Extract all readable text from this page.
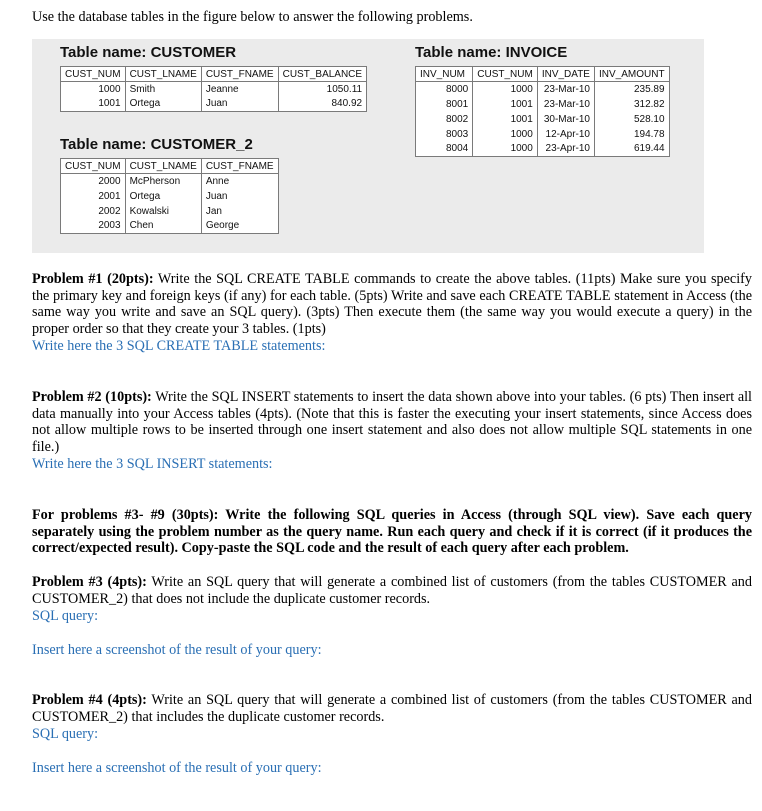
Use the database tables in the figure below to answer the following problems.
Table name: CUSTOMER
CUST_NUM	CUST_LNAME	CUST_FNAME	CUST_BALANCE
1000	Smith	Jeanne	1050.11
1001	Ortega	Juan	840.92
Table name: CUSTOMER_2
CUST_NUM	CUST_LNAME	CUST_FNAME
2000	McPherson	Anne
2001	Ortega	Juan
2002	Kowalski	Jan
2003	Chen	George
Table name: INVOICE
INV_NUM	CUST_NUM	INV_DATE	INV_AMOUNT
8000	1000	23-Mar-10	235.89
8001	1001	23-Mar-10	312.82
8002	1001	30-Mar-10	528.10
8003	1000	12-Apr-10	194.78
8004	1000	23-Apr-10	619.44
Problem #1 (20pts): Write the SQL CREATE TABLE commands to create the above tables. (11pts) Make sure you specify the primary key and foreign keys (if any) for each table. (5pts) Write and save each CREATE TABLE statement in Access (the same way you write and save an SQL query). (3pts) Then execute them (the same way you would execute a query) in the proper order so that they create your 3 tables. (1pts)
Write here the 3 SQL CREATE TABLE statements:
Problem #2 (10pts): Write the SQL INSERT statements to insert the data shown above into your tables. (6 pts) Then insert all data manually into your Access tables (4pts). (Note that this is faster the executing your insert statements, since Access does not allow multiple rows to be inserted through one insert statement and also does not allow multiple SQL statements in one file.)
Write here the 3 SQL INSERT statements:
For problems #3- #9 (30pts): Write the following SQL queries in Access (through SQL view). Save each query separately using the problem number as the query name. Run each query and check if it is correct (if it produces the correct/expected result). Copy-paste the SQL code and the result of each query after each problem.
Problem #3 (4pts): Write an SQL query that will generate a combined list of customers (from the tables CUSTOMER and CUSTOMER_2) that does not include the duplicate customer records.
SQL query:
Insert here a screenshot of the result of your query:
Problem #4 (4pts): Write an SQL query that will generate a combined list of customers (from the tables CUSTOMER and CUSTOMER_2) that includes the duplicate customer records.
SQL query:
Insert here a screenshot of the result of your query:
